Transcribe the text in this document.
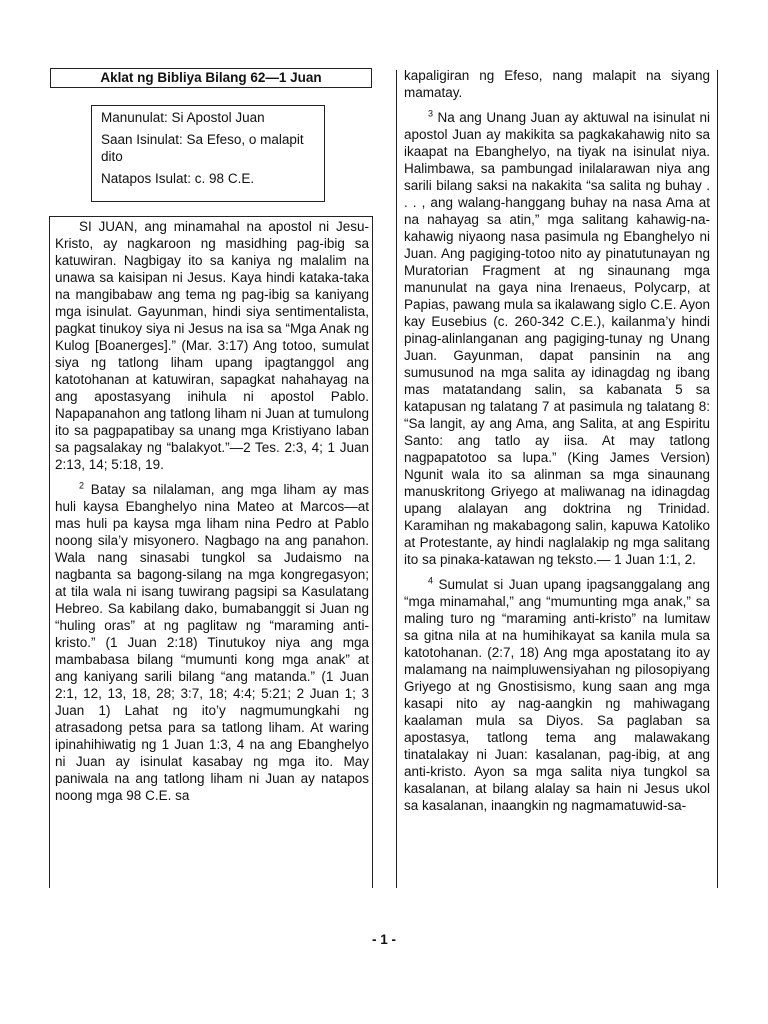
Aklat ng Bibliya Bilang 62—1 Juan

Manunulat: Si Apostol Juan

Saan Isinulat: Sa Efeso, o malapit dito

Natapos Isulat: c. 98 C.E.

SI JUAN, ang minamahal na apostol ni Jesu-Kristo, ay nagkaroon ng masidhing pag-ibig sa katuwiran. Nagbigay ito sa kaniya ng malalim na unawa sa kaisipan ni Jesus. Kaya hindi kataka-taka na mangibabaw ang tema ng pag-ibig sa kaniyang mga isinulat. Gayunman, hindi siya sentimentalista, pagkat tinukoy siya ni Jesus na isa sa “Mga Anak ng Kulog [Boanerges].” (Mar. 3:17) Ang totoo, sumulat siya ng tatlong liham upang ipagtanggol ang katotohanan at katuwiran, sapagkat nahahayag na ang apostasyang inihula ni apostol Pablo. Napapanahon ang tatlong liham ni Juan at tumulong ito sa pagpapatibay sa unang mga Kristiyano laban sa pagsalakay ng “balakyot.”—2 Tes. 2:3, 4; 1 Juan 2:13, 14; 5:18, 19.

$^2$ Batay sa nilalaman, ang mga liham ay mas huli kaysa Ebanghelyo nina Mateo at Marcos—at mas huli pa kaysa mga liham nina Pedro at Pablo noong sila’y misyonero. Nagbago na ang panahon. Wala nang sinasabi tungkol sa Judaismo na nagbanta sa bagong-silang na mga kongregasyon; at tila wala ni isang tuwirang pagsipi sa Kasulatang Hebreo. Sa kabilang dako, bumabanggit si Juan ng “huling oras” at ng paglitaw ng “maraming anti-kristo.” (1 Juan 2:18) Tinutukoy niya ang mga mambabasa bilang “mumunti kong mga anak” at ang kaniyang sarili bilang “ang matanda.” (1 Juan 2:1, 12, 13, 18, 28; 3:7, 18; 4:4; 5:21; 2 Juan 1; 3 Juan 1) Lahat ng ito’y nagmumungkahi ng atrasadong petsa para sa tatlong liham. At waring ipinahihiwatig ng 1 Juan 1:3, 4 na ang Ebanghelyo ni Juan ay isinulat kasabay ng mga ito. May paniwala na ang tatlong liham ni Juan ay natapos noong mga 98 C.E. sa

kapaligiran ng Efeso, nang malapit na siyang mamatay.

$^3$ Na ang Unang Juan ay aktuwal na isinulat ni apostol Juan ay makikita sa pagkakahawig nito sa ikaapat na Ebanghelyo, na tiyak na isinulat niya. Halimbawa, sa pambungad inilalarawan niya ang sarili bilang saksi na nakakita “sa salita ng buhay . . . , ang walang-hanggang buhay na nasa Ama at na nahayag sa atin,” mga salitang kahawig-na-kahawig niyaong nasa pasimula ng Ebanghelyo ni Juan. Ang pagiging-totoo nito ay pinatutunayan ng Muratorian Fragment at ng sinaunang mga manunulat na gaya nina Irenaeus, Polycarp, at Papias, pawang mula sa ikalawang siglo C.E. Ayon kay Eusebius (c. 260-342 C.E.), kailanma’y hindi pinag-alinlanganan ang pagiging-tunay ng Unang Juan. Gayunman, dapat pansinin na ang sumusunod na mga salita ay idinagdag ng ibang mas matatandang salin, sa kabanata 5 sa katapusan ng talatang 7 at pasimula ng talatang 8: “Sa langit, ay ang Ama, ang Salita, at ang Espiritu Santo: ang tatlo ay iisa. At may tatlong nagpapatotoo sa lupa.” (King James Version) Ngunit wala ito sa alinman sa mga sinaunang manuskritong Griyego at maliwanag na idinagdag upang alalayan ang doktrina ng Trinidad. Karamihan ng makabagong salin, kapuwa Katoliko at Protestante, ay hindi naglalakip ng mga salitang ito sa pinaka-katawan ng teksto.— 1 Juan 1:1, 2.

$^4$ Sumulat si Juan upang ipagsanggalang ang “mga minamahal,” ang “mumunting mga anak,” sa maling turo ng “maraming anti-kristo” na lumitaw sa gitna nila at na humihikayat sa kanila mula sa katotohanan. (2:7, 18) Ang mga apostatang ito ay malamang na naimpluwensiyahan ng pilosopiyang Griyego at ng Gnostisismo, kung saan ang mga kasapi nito ay nag-aangkin ng mahiwagang kaalaman mula sa Diyos. Sa paglaban sa apostasya, tatlong tema ang malawakang tinatalakay ni Juan: kasalanan, pag-ibig, at ang anti-kristo. Ayon sa mga salita niya tungkol sa kasalanan, at bilang alalay sa hain ni Jesus ukol sa kasalanan, inaangkin ng nagmamatuwid-sa-

- 1 -
